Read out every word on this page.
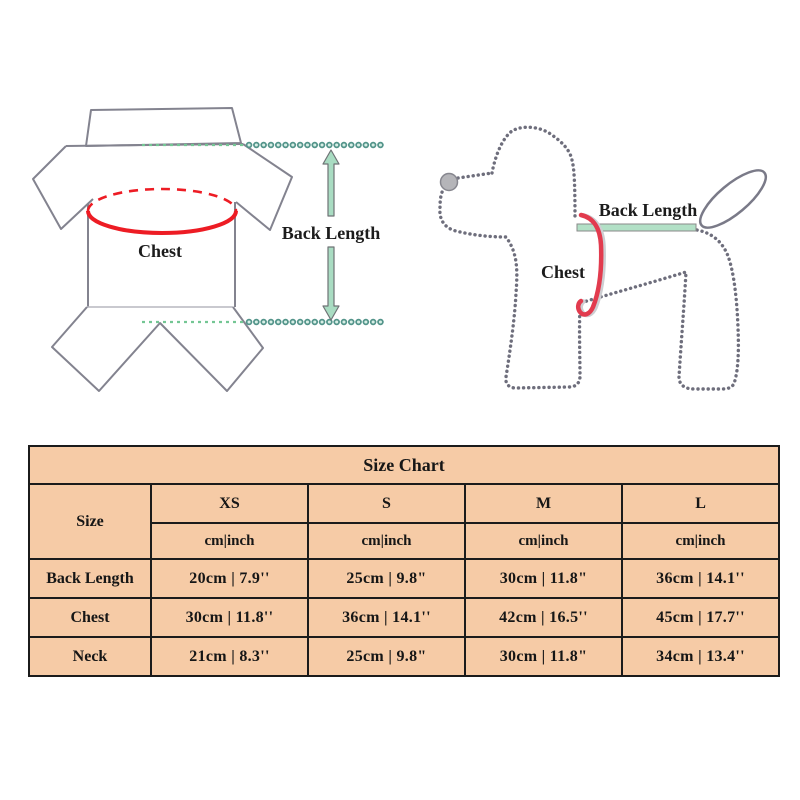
Chest
Back Length
Back Length
Chest
Size Chart				
Size	XS	S	M	L
	cm|inch	cm|inch	cm|inch	cm|inch
Back Length	20cm | 7.9''	25cm | 9.8"	30cm | 11.8"	36cm | 14.1''
Chest	30cm | 11.8''	36cm | 14.1''	42cm | 16.5''	45cm | 17.7''
Neck	21cm | 8.3''	25cm | 9.8"	30cm | 11.8"	34cm | 13.4''
